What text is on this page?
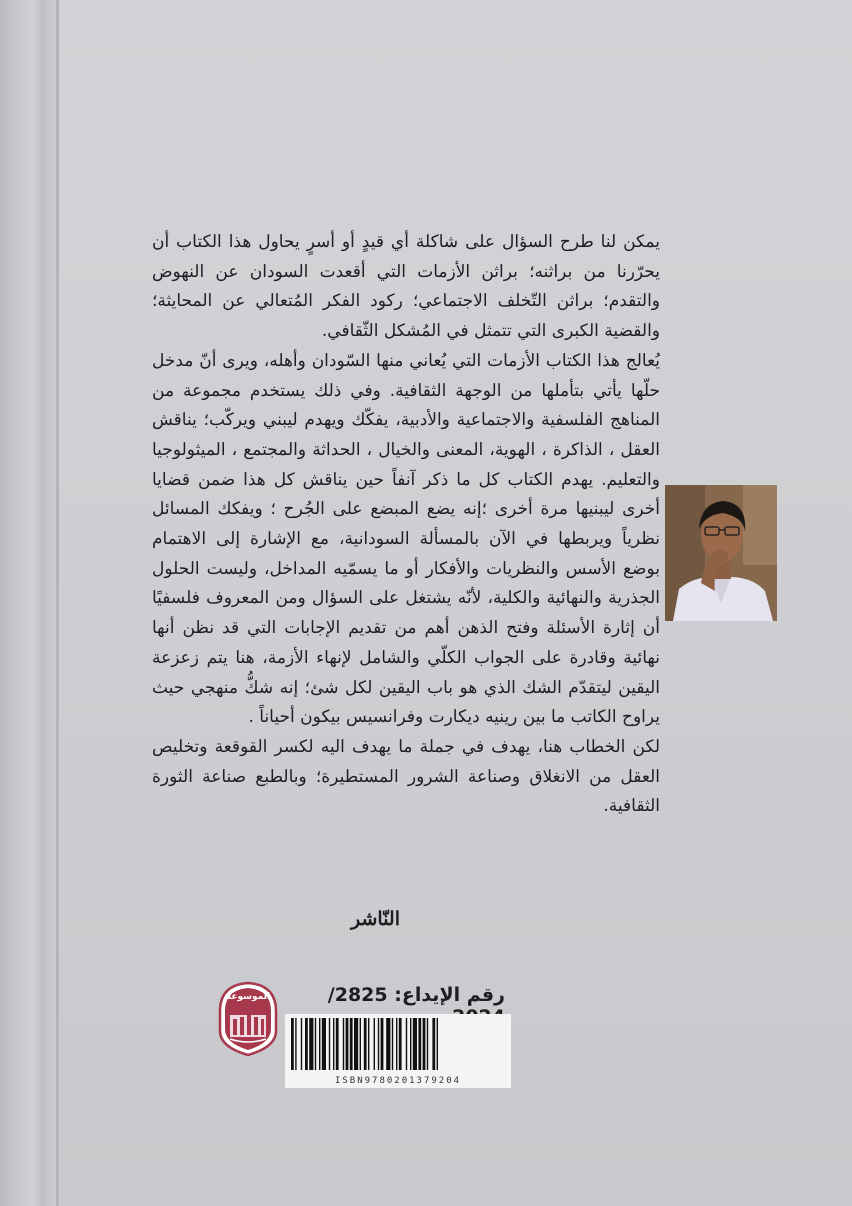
يمكن لنا طرح السؤال على شاكلة أي قيدٍ أو أسرٍ يحاول هذا الكتاب أن يحرّرنا من براثنه؛ براثن الأزمات التي أقعدت السودان عن النهوض والتقدم؛ براثن التّخلف الاجتماعي؛ ركود الفكر المُتعالي عن المحايثة؛ والقضية الكبرى التي تتمثل في المُشكل الثّقافي.

يُعالج هذا الكتاب الأزمات التي يُعاني منها السّودان وأهله، ويرى أنّ مدخل حلّها يأتي بتأملها من الوجهة الثقافية. وفي ذلك يستخدم مجموعة من المناهج الفلسفية والاجتماعية والأدبية، يفكّك ويهدم ليبني ويركّب؛ يناقش العقل ، الذاكرة ، الهوية، المعنى والخيال ، الحداثة والمجتمع ، الميثولوجيا والتعليم. يهدم الكتاب كل ما ذكر آنفاً حين يناقش كل هذا ضمن قضايا أخرى ليبنيها مرة أخرى ؛إنه يضع المبضع على الجُرح ؛ ويفكك المسائل نظرياً ويربطها في الآن بالمسألة السودانية، مع الإشارة إلى الاهتمام بوضع الأسس والنظريات والأفكار أو ما يسمّيه المداخل، وليست الحلول الجذرية والنهائية والكلية، لأنّه يشتغل على السؤال ومن المعروف فلسفيًا أن إثارة الأسئلة وفتح الذهن أهم من تقديم الإجابات التي قد نظن أنها نهائية وقادرة على الجواب الكلّي والشامل لإنهاء الأزمة، هنا يتم زعزعة اليقين ليتقدّم الشك الذي هو باب اليقين لكل شئ؛ إنه شكُّ منهجي حيث يراوح الكاتب ما بين رينيه ديكارت وفرانسيس بيكون أحياناً .

لكن الخطاب هنا، يهدف في جملة ما يهدف اليه لكسر القوقعة وتخليص العقل من الانغلاق وصناعة الشرور المستطيرة؛ وبالطبع صناعة الثورة الثقافية.

النّاشر
رقم الإيداع: 2825/
الموسوعة
ISBN9780201379204
